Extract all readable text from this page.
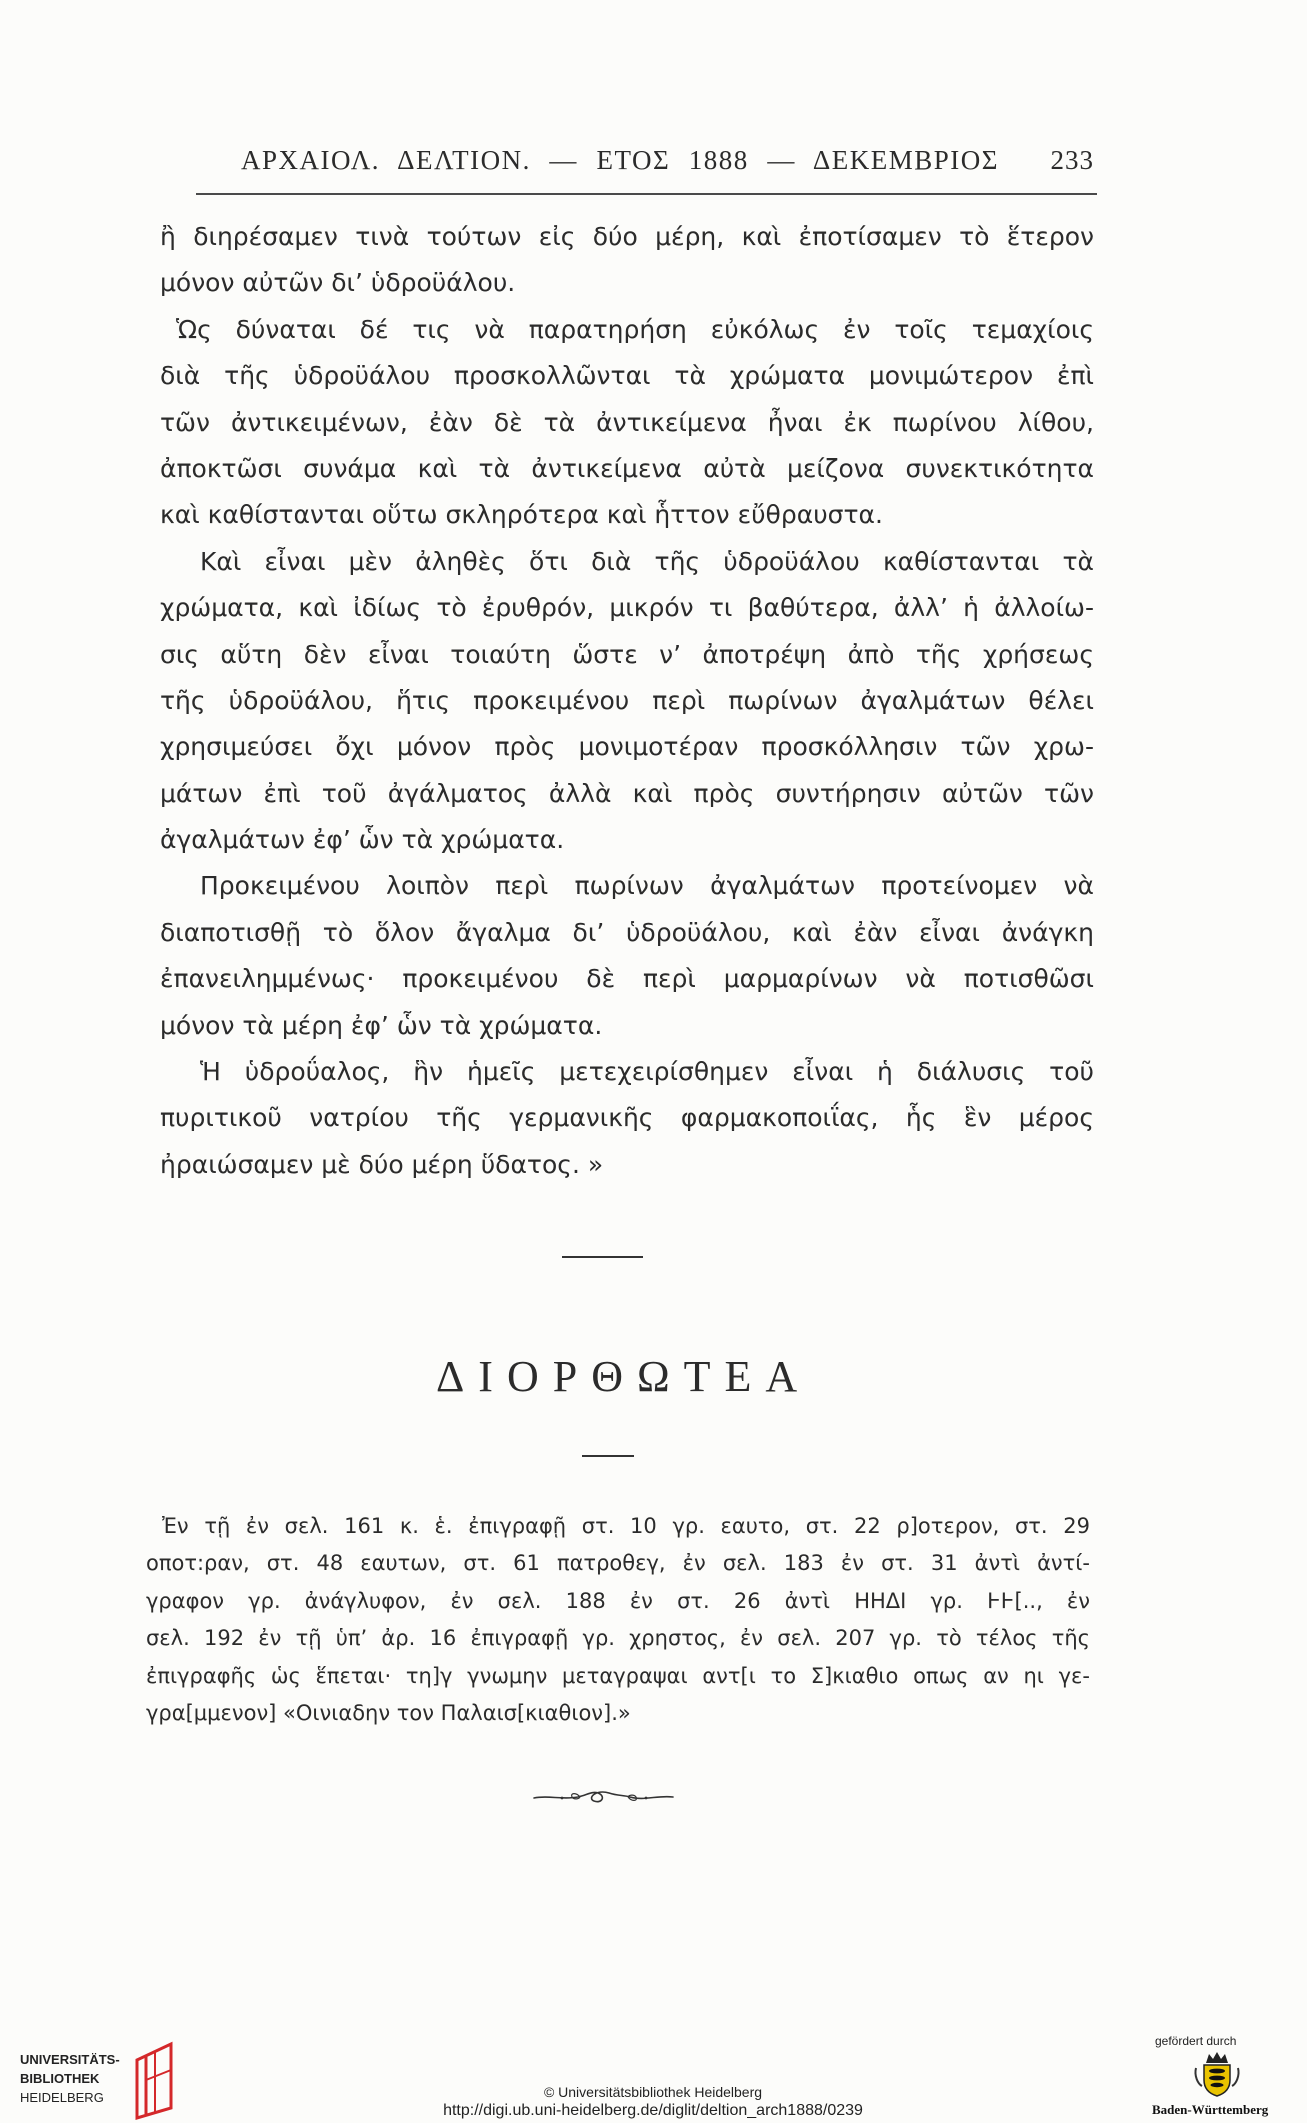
ΑΡΧΑΙΟΛ. ΔΕΛΤΙΟΝ. — ΕΤΟΣ 1888 — ΔΕΚΕΜΒΡΙΟΣ 233
ἢ διηρέσαμεν τινὰ τούτων εἰς δύο μέρη, καὶ ἐποτίσαμεν τὸ ἕτερον
μόνον αὐτῶν δι’ ὑδροϋάλου.
Ὡς δύναται δέ τις νὰ παρατηρήση εὐκόλως ἐν τοῖς τεμαχίοις
διὰ τῆς ὑδροϋάλου προσκολλῶνται τὰ χρώματα μονιμώτερον ἐπὶ
τῶν ἀντικειμένων, ἐὰν δὲ τὰ ἀντικείμενα ἦναι ἐκ πωρίνου λίθου,
ἀποκτῶσι συνάμα καὶ τὰ ἀντικείμενα αὐτὰ μείζονα συνεκτικότητα
καὶ καθίστανται οὕτω σκληρότερα καὶ ἧττον εὔθραυστα.
Καὶ εἶναι μὲν ἀληθὲς ὅτι διὰ τῆς ὑδροϋάλου καθίστανται τὰ
χρώματα, καὶ ἰδίως τὸ ἐρυθρόν, μικρόν τι βαθύτερα, ἀλλ’ ἡ ἀλλοίω-
σις αὕτη δὲν εἶναι τοιαύτη ὥστε ν’ ἀποτρέψη ἀπὸ τῆς χρήσεως
τῆς ὑδροϋάλου, ἥτις προκειμένου περὶ πωρίνων ἀγαλμάτων θέλει
χρησιμεύσει ὄχι μόνον πρὸς μονιμοτέραν προσκόλλησιν τῶν χρω-
μάτων ἐπὶ τοῦ ἀγάλματος ἀλλὰ καὶ πρὸς συντήρησιν αὐτῶν τῶν
ἀγαλμάτων ἐφ’ ὧν τὰ χρώματα.
Προκειμένου λοιπὸν περὶ πωρίνων ἀγαλμάτων προτείνομεν νὰ
διαποτισθῇ τὸ ὅλον ἄγαλμα δι’ ὑδροϋάλου, καὶ ἐὰν εἶναι ἀνάγκη
ἐπανειλημμένως· προκειμένου δὲ περὶ μαρμαρίνων νὰ ποτισθῶσι
μόνον τὰ μέρη ἐφ’ ὧν τὰ χρώματα.
Ἡ ὑδροΰαλος, ἣν ἡμεῖς μετεχειρίσθημεν εἶναι ἡ διάλυσις τοῦ
πυριτικοῦ νατρίου τῆς γερμανικῆς φαρμακοποιΐας, ἧς ἓν μέρος
ἠραιώσαμεν μὲ δύο μέρη ὕδατος. »
ΔΙΟΡΘΩΤΕΑ
Ἐν τῇ ἐν σελ. 161 κ. ἑ. ἐπιγραφῇ στ. 10 γρ. εαυτο, στ. 22 ρ]οτερον, στ. 29
οποτ:ραν, στ. 48 εαυτων, στ. 61 πατροθεγ, ἐν σελ. 183 ἐν στ. 31 ἀντὶ ἀντί-
γραφον γρ. ἀνάγλυφον, ἐν σελ. 188 ἐν στ. 26 ἀντὶ ΗΗΔΙ γρ. ͰͰ[.., ἐν
σελ. 192 ἐν τῇ ὑπ’ ἀρ. 16 ἐπιγραφῇ γρ. χρηστος, ἐν σελ. 207 γρ. τὸ τέλος τῆς
ἐπιγραφῆς ὡς ἕπεται· τη]γ γνωμην μεταγραψαι αντ[ι το Σ]κιαθιο οπως αν ηι γε-
γρα[μμενον] «Οινιαδην τον Παλαισ[κιαθιον].»
UNIVERSITÄTS-
BIBLIOTHEK
HEIDELBERG	© Universitätsbibliothek Heidelberg
http://digi.ub.uni-heidelberg.de/diglit/deltion_arch1888/0239
gefördert durch
Baden-Württemberg
